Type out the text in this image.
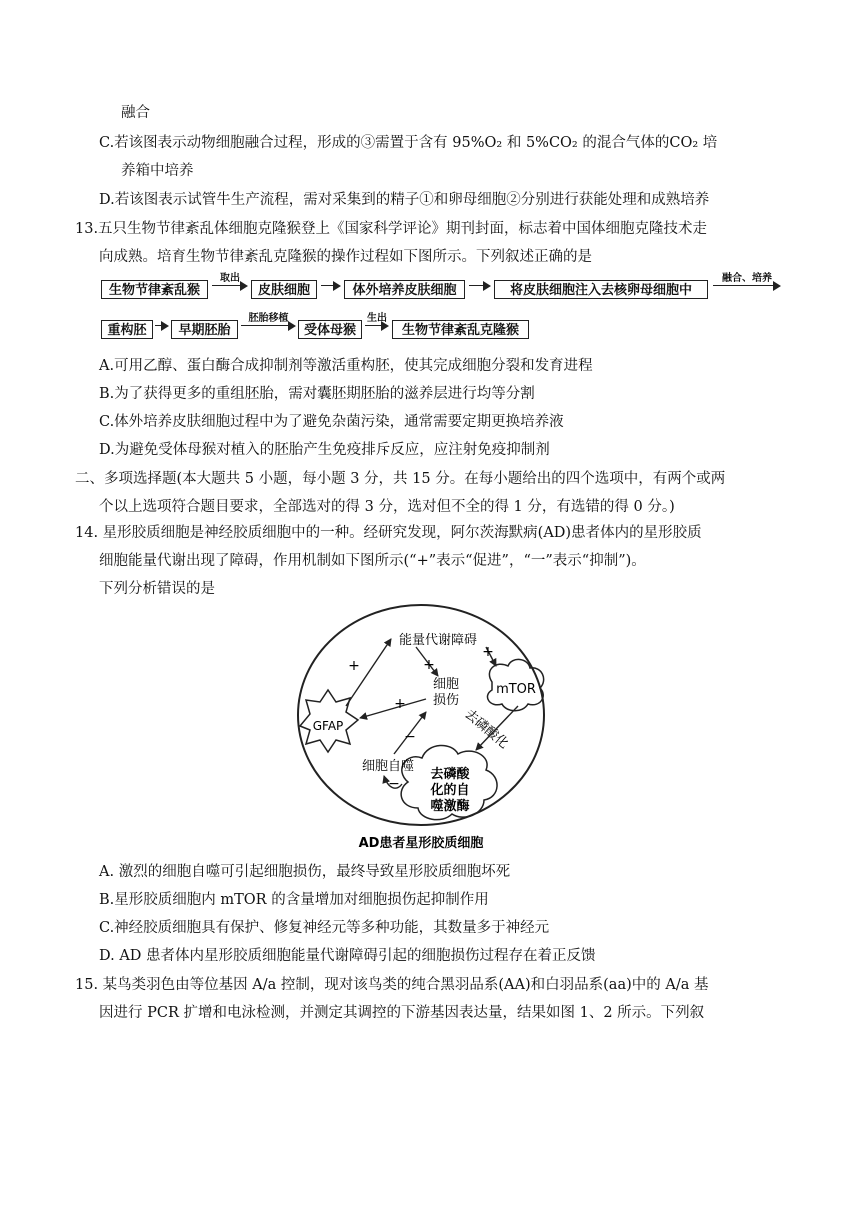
融合
C.若该图表示动物细胞融合过程，形成的③需置于含有 95%O₂ 和 5%CO₂ 的混合气体的CO₂ 培
养箱中培养
D.若该图表示试管牛生产流程，需对采集到的精子①和卵母细胞②分别进行获能处理和成熟培养
13.五只生物节律紊乱体细胞克隆猴登上《国家科学评论》期刊封面，标志着中国体细胞克隆技术走
向成熟。培育生物节律紊乱克隆猴的操作过程如下图所示。下列叙述正确的是
生物节律紊乱猴
取出
皮肤细胞	体外培养皮肤细胞	将皮肤细胞注入去核卵母细胞中
融合、培养
重构胚	早期胚胎
胚胎移植
受体母猴
生出
生物节律紊乱克隆猴
A.可用乙醇、蛋白酶合成抑制剂等激活重构胚，使其完成细胞分裂和发育进程
B.为了获得更多的重组胚胎，需对囊胚期胚胎的滋养层进行均等分割
C.体外培养皮肤细胞过程中为了避免杂菌污染，通常需要定期更换培养液
D.为避免受体母猴对植入的胚胎产生免疫排斥反应，应注射免疫抑制剂
二、多项选择题(本大题共 5 小题，每小题 3 分，共 15 分。在每小题给出的四个选项中，有两个或两
个以上选项符合题目要求，全部选对的得 3 分，选对但不全的得 1 分，有选错的得 0 分。)
14. 星形胶质细胞是神经胶质细胞中的一种。经研究发现，阿尔茨海默病(AD)患者体内的星形胶质
细胞能量代谢出现了障碍，作用机制如下图所示(“+”表示“促进”，“一”表示“抑制”)。
下列分析错误的是
GFAP
mTOR
去磷酸
化的自
噬激酶
能量代谢障碍
细胞
损伤
细胞自噬
去磷酸化
+	+
+
+
−
−
AD患者星形胶质细胞
A. 激烈的细胞自噬可引起细胞损伤，最终导致星形胶质细胞坏死
B.星形胶质细胞内 mTOR 的含量增加对细胞损伤起抑制作用
C.神经胶质细胞具有保护、修复神经元等多种功能，其数量多于神经元
D. AD 患者体内星形胶质细胞能量代谢障碍引起的细胞损伤过程存在着正反馈
15. 某鸟类羽色由等位基因 A/a 控制，现对该鸟类的纯合黑羽品系(AA)和白羽品系(aa)中的 A/a 基
因进行 PCR 扩增和电泳检测，并测定其调控的下游基因表达量，结果如图 1、2 所示。下列叙
